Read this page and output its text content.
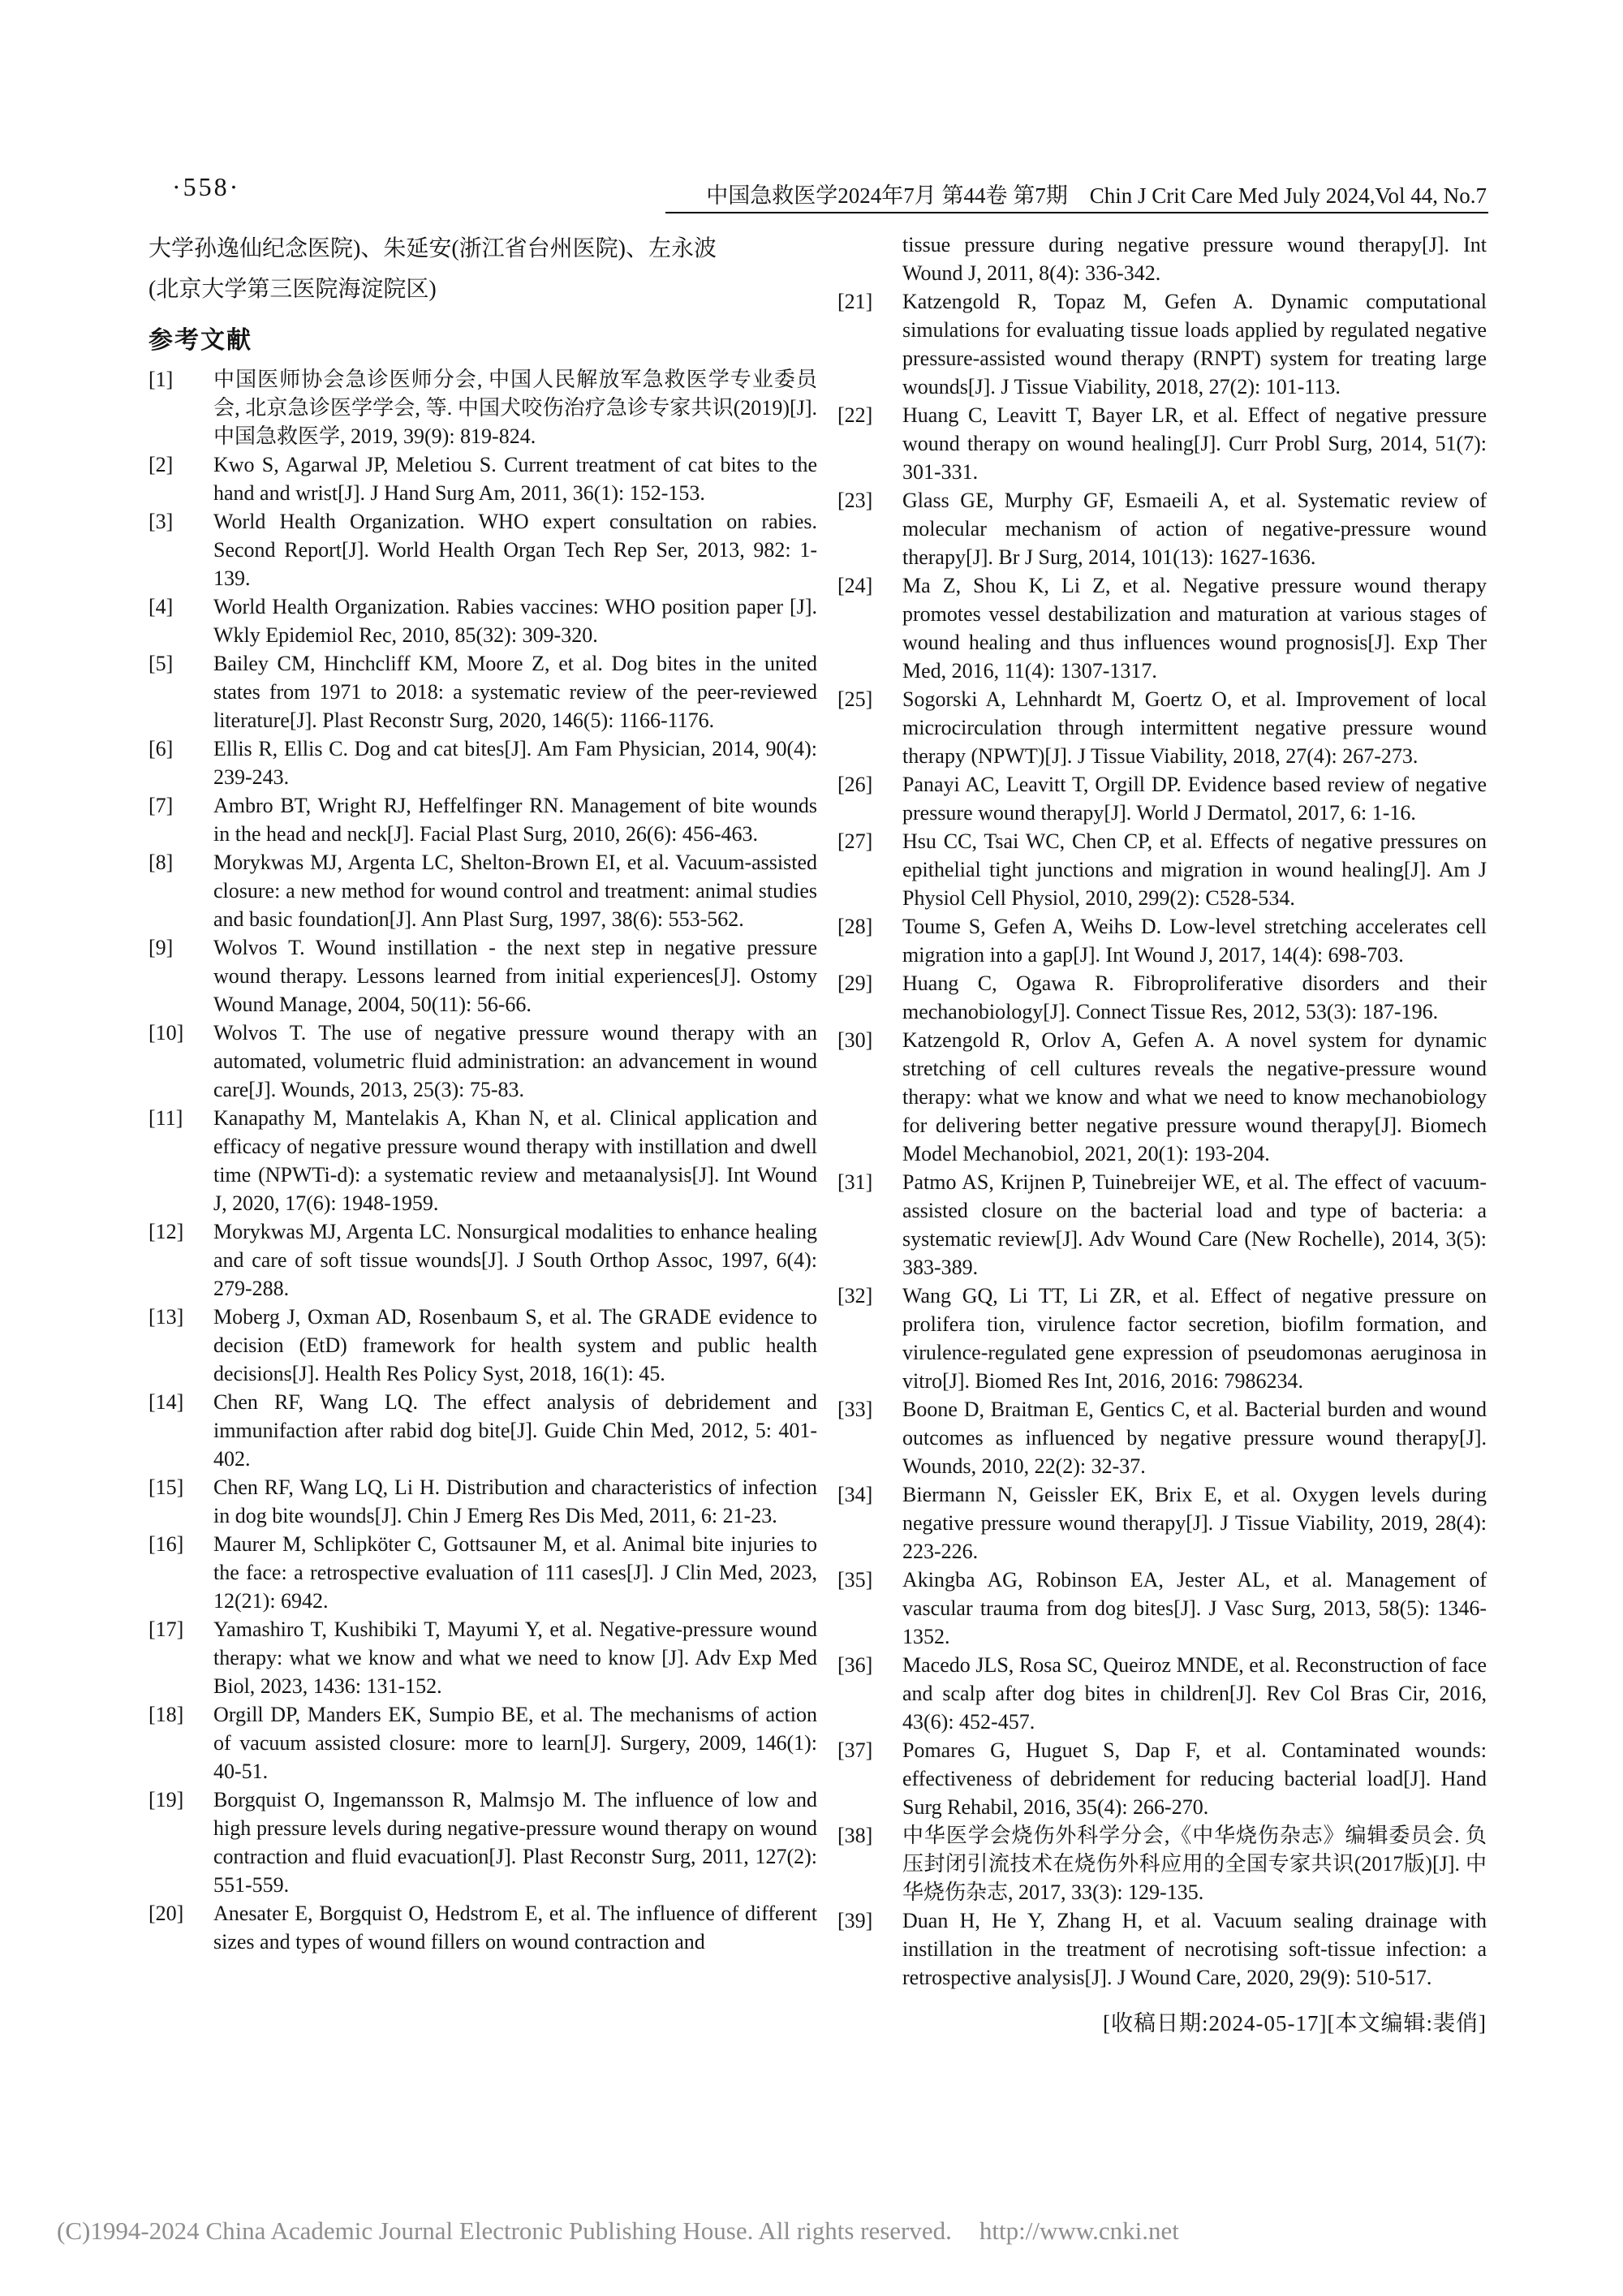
·558·	中国急救医学2024年7月 第44卷 第7期　Chin J Crit Care Med July 2024,Vol 44, No.7
大学孙逸仙纪念医院)、朱延安(浙江省台州医院)、左永波
(北京大学第三医院海淀院区)
参考文献
[1]	中国医师协会急诊医师分会, 中国人民解放军急救医学专业委员会, 北京急诊医学学会, 等. 中国犬咬伤治疗急诊专家共识(2019)[J]. 中国急救医学, 2019, 39(9): 819-824.
[2]	Kwo S, Agarwal JP, Meletiou S. Current treatment of cat bites to the hand and wrist[J]. J Hand Surg Am, 2011, 36(1): 152-153.
[3]	World Health Organization. WHO expert consultation on rabies. Second Report[J]. World Health Organ Tech Rep Ser, 2013, 982: 1-139.
[4]	World Health Organization. Rabies vaccines: WHO position paper [J]. Wkly Epidemiol Rec, 2010, 85(32): 309-320.
[5]	Bailey CM, Hinchcliff KM, Moore Z, et al. Dog bites in the united states from 1971 to 2018: a systematic review of the peer-reviewed literature[J]. Plast Reconstr Surg, 2020, 146(5): 1166-1176.
[6]	Ellis R, Ellis C. Dog and cat bites[J]. Am Fam Physician, 2014, 90(4): 239-243.
[7]	Ambro BT, Wright RJ, Heffelfinger RN. Management of bite wounds in the head and neck[J]. Facial Plast Surg, 2010, 26(6): 456-463.
[8]	Morykwas MJ, Argenta LC, Shelton-Brown EI, et al. Vacuum-assisted closure: a new method for wound control and treatment: animal studies and basic foundation[J]. Ann Plast Surg, 1997, 38(6): 553-562.
[9]	Wolvos T. Wound instillation - the next step in negative pressure wound therapy. Lessons learned from initial experiences[J]. Ostomy Wound Manage, 2004, 50(11): 56-66.
[10]	Wolvos T. The use of negative pressure wound therapy with an automated, volumetric fluid administration: an advancement in wound care[J]. Wounds, 2013, 25(3): 75-83.
[11]	Kanapathy M, Mantelakis A, Khan N, et al. Clinical application and efficacy of negative pressure wound therapy with instillation and dwell time (NPWTi-d): a systematic review and metaanalysis[J]. Int Wound J, 2020, 17(6): 1948-1959.
[12]	Morykwas MJ, Argenta LC. Nonsurgical modalities to enhance healing and care of soft tissue wounds[J]. J South Orthop Assoc, 1997, 6(4): 279-288.
[13]	Moberg J, Oxman AD, Rosenbaum S, et al. The GRADE evidence to decision (EtD) framework for health system and public health decisions[J]. Health Res Policy Syst, 2018, 16(1): 45.
[14]	Chen RF, Wang LQ. The effect analysis of debridement and immunifaction after rabid dog bite[J]. Guide Chin Med, 2012, 5: 401-402.
[15]	Chen RF, Wang LQ, Li H. Distribution and characteristics of infection in dog bite wounds[J]. Chin J Emerg Res Dis Med, 2011, 6: 21-23.
[16]	Maurer M, Schlipköter C, Gottsauner M, et al. Animal bite injuries to the face: a retrospective evaluation of 111 cases[J]. J Clin Med, 2023, 12(21): 6942.
[17]	Yamashiro T, Kushibiki T, Mayumi Y, et al. Negative-pressure wound therapy: what we know and what we need to know [J]. Adv Exp Med Biol, 2023, 1436: 131-152.
[18]	Orgill DP, Manders EK, Sumpio BE, et al. The mechanisms of action of vacuum assisted closure: more to learn[J]. Surgery, 2009, 146(1): 40-51.
[19]	Borgquist O, Ingemansson R, Malmsjo M. The influence of low and high pressure levels during negative-pressure wound therapy on wound contraction and fluid evacuation[J]. Plast Reconstr Surg, 2011, 127(2): 551-559.
[20]	Anesater E, Borgquist O, Hedstrom E, et al. The influence of different sizes and types of wound fillers on wound contraction and
tissue pressure during negative pressure wound therapy[J]. Int Wound J, 2011, 8(4): 336-342.
[21]	Katzengold R, Topaz M, Gefen A. Dynamic computational simulations for evaluating tissue loads applied by regulated negative pressure-assisted wound therapy (RNPT) system for treating large wounds[J]. J Tissue Viability, 2018, 27(2): 101-113.
[22]	Huang C, Leavitt T, Bayer LR, et al. Effect of negative pressure wound therapy on wound healing[J]. Curr Probl Surg, 2014, 51(7): 301-331.
[23]	Glass GE, Murphy GF, Esmaeili A, et al. Systematic review of molecular mechanism of action of negative-pressure wound therapy[J]. Br J Surg, 2014, 101(13): 1627-1636.
[24]	Ma Z, Shou K, Li Z, et al. Negative pressure wound therapy promotes vessel destabilization and maturation at various stages of wound healing and thus influences wound prognosis[J]. Exp Ther Med, 2016, 11(4): 1307-1317.
[25]	Sogorski A, Lehnhardt M, Goertz O, et al. Improvement of local microcirculation through intermittent negative pressure wound therapy (NPWT)[J]. J Tissue Viability, 2018, 27(4): 267-273.
[26]	Panayi AC, Leavitt T, Orgill DP. Evidence based review of negative pressure wound therapy[J]. World J Dermatol, 2017, 6: 1-16.
[27]	Hsu CC, Tsai WC, Chen CP, et al. Effects of negative pressures on epithelial tight junctions and migration in wound healing[J]. Am J Physiol Cell Physiol, 2010, 299(2): C528-534.
[28]	Toume S, Gefen A, Weihs D. Low-level stretching accelerates cell migration into a gap[J]. Int Wound J, 2017, 14(4): 698-703.
[29]	Huang C, Ogawa R. Fibroproliferative disorders and their mechanobiology[J]. Connect Tissue Res, 2012, 53(3): 187-196.
[30]	Katzengold R, Orlov A, Gefen A. A novel system for dynamic stretching of cell cultures reveals the negative-pressure wound therapy: what we know and what we need to know mechanobiology for delivering better negative pressure wound therapy[J]. Biomech Model Mechanobiol, 2021, 20(1): 193-204.
[31]	Patmo AS, Krijnen P, Tuinebreijer WE, et al. The effect of vacuum-assisted closure on the bacterial load and type of bacteria: a systematic review[J]. Adv Wound Care (New Rochelle), 2014, 3(5): 383-389.
[32]	Wang GQ, Li TT, Li ZR, et al. Effect of negative pressure on prolifera tion, virulence factor secretion, biofilm formation, and virulence-regulated gene expression of pseudomonas aeruginosa in vitro[J]. Biomed Res Int, 2016, 2016: 7986234.
[33]	Boone D, Braitman E, Gentics C, et al. Bacterial burden and wound outcomes as influenced by negative pressure wound therapy[J]. Wounds, 2010, 22(2): 32-37.
[34]	Biermann N, Geissler EK, Brix E, et al. Oxygen levels during negative pressure wound therapy[J]. J Tissue Viability, 2019, 28(4): 223-226.
[35]	Akingba AG, Robinson EA, Jester AL, et al. Management of vascular trauma from dog bites[J]. J Vasc Surg, 2013, 58(5): 1346-1352.
[36]	Macedo JLS, Rosa SC, Queiroz MNDE, et al. Reconstruction of face and scalp after dog bites in children[J]. Rev Col Bras Cir, 2016, 43(6): 452-457.
[37]	Pomares G, Huguet S, Dap F, et al. Contaminated wounds: effectiveness of debridement for reducing bacterial load[J]. Hand Surg Rehabil, 2016, 35(4): 266-270.
[38]	中华医学会烧伤外科学分会,《中华烧伤杂志》编辑委员会. 负压封闭引流技术在烧伤外科应用的全国专家共识(2017版)[J]. 中华烧伤杂志, 2017, 33(3): 129-135.
[39]	Duan H, He Y, Zhang H, et al. Vacuum sealing drainage with instillation in the treatment of necrotising soft-tissue infection: a retrospective analysis[J]. J Wound Care, 2020, 29(9): 510-517.
[收稿日期:2024-05-17][本文编辑:裴俏]
(C)1994-2024 China Academic Journal Electronic Publishing House. All rights reserved. http://www.cnki.net
